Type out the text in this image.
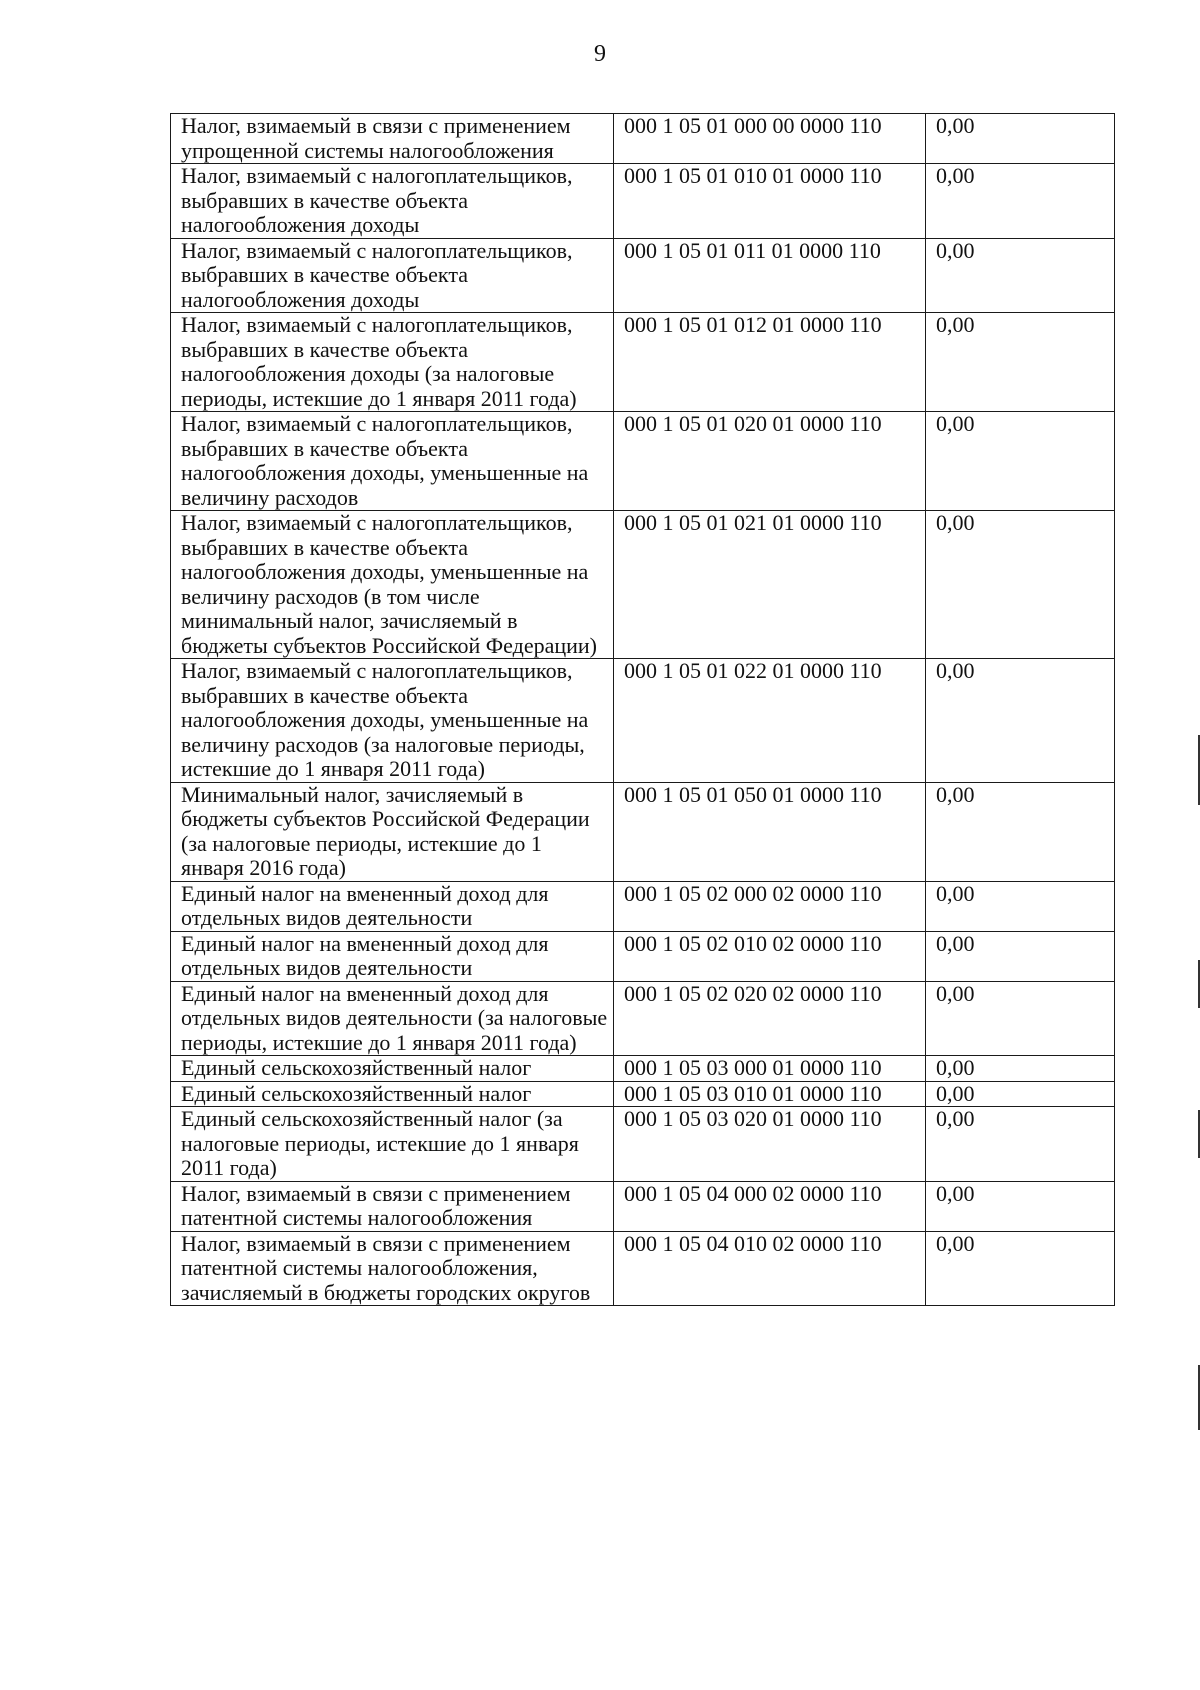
9
Налог, взимаемый в связи с применением упрощенной системы налогообложения	000 1 05 01 000 00 0000 110	0,00
Налог, взимаемый с налогоплательщиков, выбравших в качестве объекта налогообложения доходы	000 1 05 01 010 01 0000 110	0,00
Налог, взимаемый с налогоплательщиков, выбравших в качестве объекта налогообложения доходы	000 1 05 01 011 01 0000 110	0,00
Налог, взимаемый с налогоплательщиков, выбравших в качестве объекта налогообложения доходы (за налоговые периоды, истекшие до 1 января 2011 года)	000 1 05 01 012 01 0000 110	0,00
Налог, взимаемый с налогоплательщиков, выбравших в качестве объекта налогообложения доходы, уменьшенные на величину расходов	000 1 05 01 020 01 0000 110	0,00
Налог, взимаемый с налогоплательщиков, выбравших в качестве объекта налогообложения доходы, уменьшенные на величину расходов (в том числе минимальный налог, зачисляемый в бюджеты субъектов Российской Федерации)	000 1 05 01 021 01 0000 110	0,00
Налог, взимаемый с налогоплательщиков, выбравших в качестве объекта налогообложения доходы, уменьшенные на величину расходов (за налоговые периоды, истекшие до 1 января 2011 года)	000 1 05 01 022 01 0000 110	0,00
Минимальный налог, зачисляемый в бюджеты субъектов Российской Федерации (за налоговые периоды, истекшие до 1 января 2016 года)	000 1 05 01 050 01 0000 110	0,00
Единый налог на вмененный доход для отдельных видов деятельности	000 1 05 02 000 02 0000 110	0,00
Единый налог на вмененный доход для отдельных видов деятельности	000 1 05 02 010 02 0000 110	0,00
Единый налог на вмененный доход для отдельных видов деятельности (за налоговые периоды, истекшие до 1 января 2011 года)	000 1 05 02 020 02 0000 110	0,00
Единый сельскохозяйственный налог	000 1 05 03 000 01 0000 110	0,00
Единый сельскохозяйственный налог	000 1 05 03 010 01 0000 110	0,00
Единый сельскохозяйственный налог (за налоговые периоды, истекшие до 1 января 2011 года)	000 1 05 03 020 01 0000 110	0,00
Налог, взимаемый в связи с применением патентной системы налогообложения	000 1 05 04 000 02 0000 110	0,00
Налог, взимаемый в связи с применением патентной системы налогообложения, зачисляемый в бюджеты городских округов	000 1 05 04 010 02 0000 110	0,00
